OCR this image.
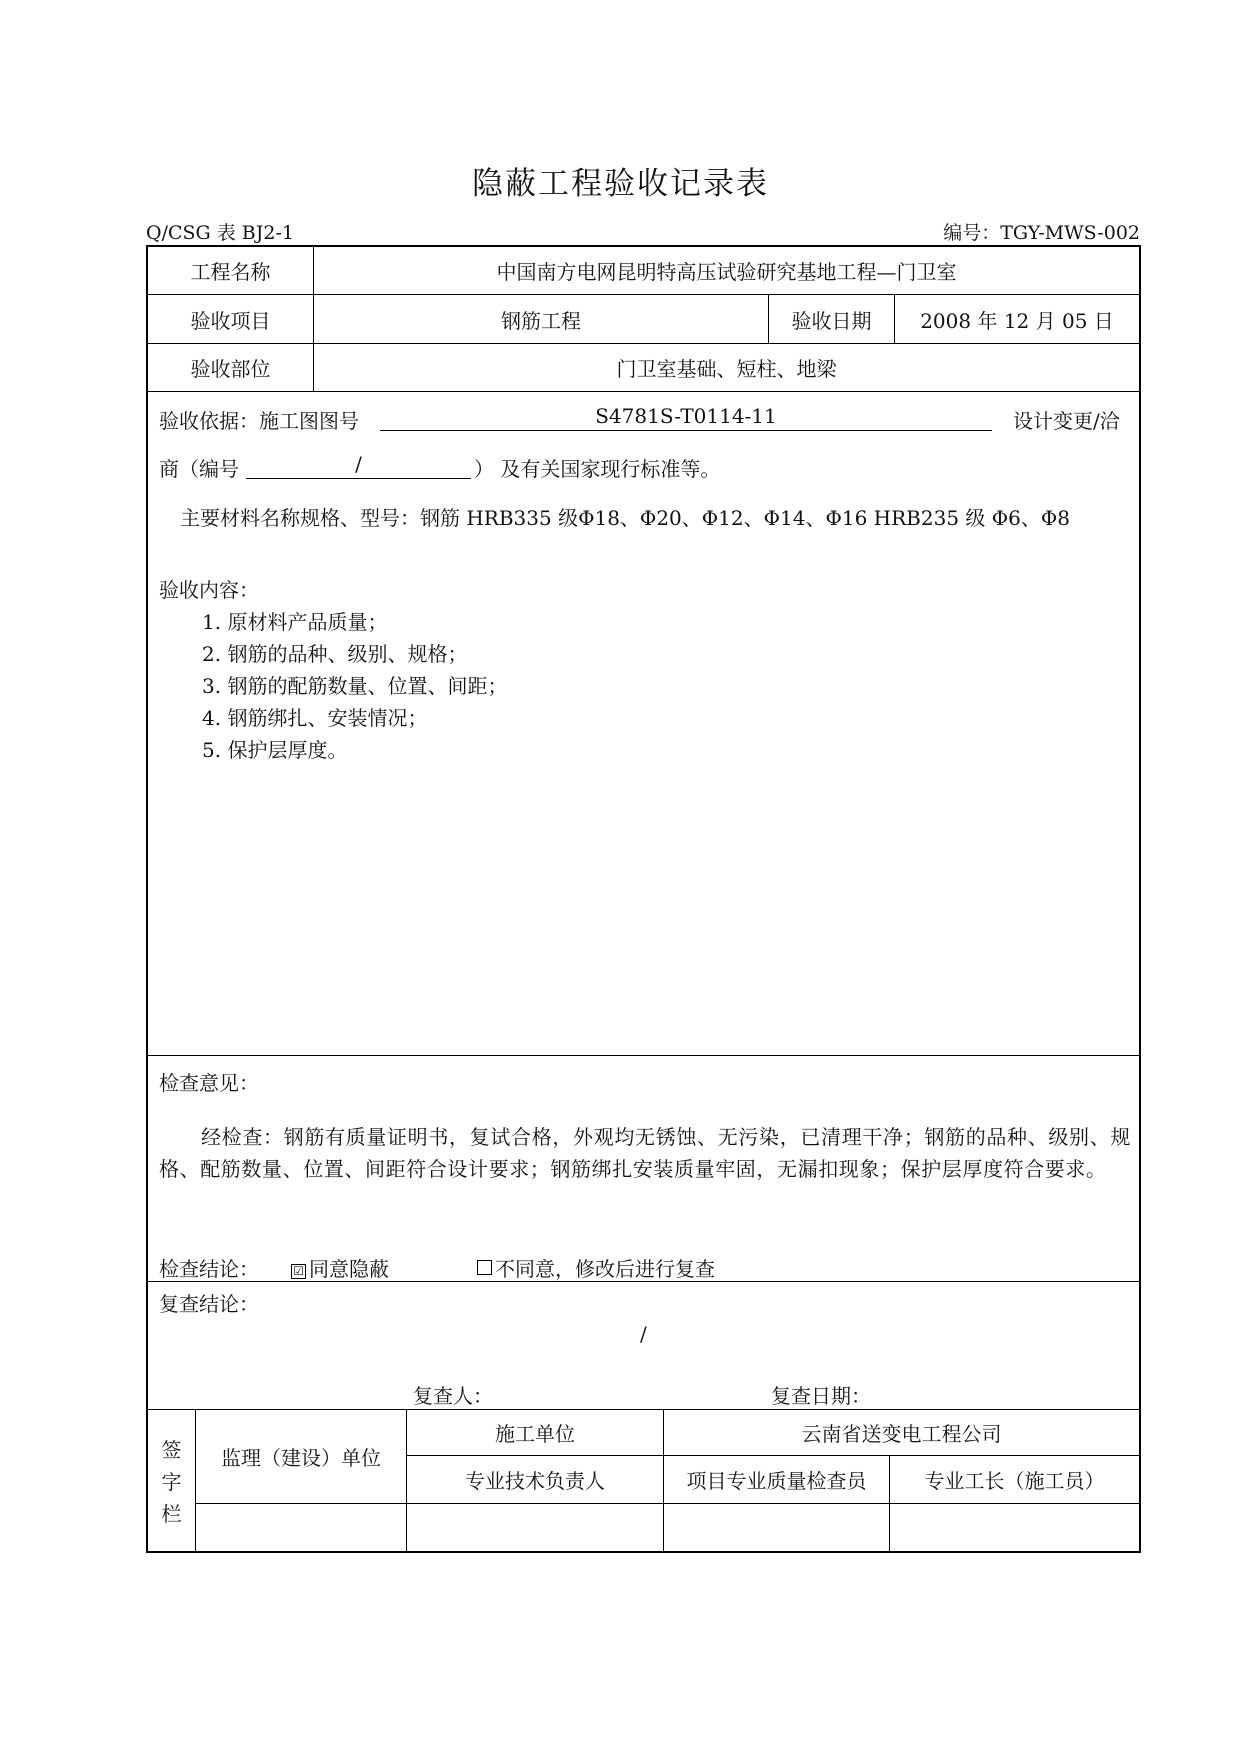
隐蔽工程验收记录表
Q/CSG 表 BJ2-1	编号：TGY-MWS-002
工程名称	中国南方电网昆明特高压试验研究基地工程—门卫室
验收项目	钢筋工程	验收日期	2008 年 12 月 05 日
验收部位	门卫室基础、短柱、地梁
验收依据：施工图图号	S4781S-T0114-11	设计变更/洽
商（编号	/	） 及有关国家现行标准等。
主要材料名称规格、型号：钢筋 HRB335 级Φ18、Φ20、Φ12、Φ14、Φ16 HRB235 级 Φ6、Φ8
验收内容：
1. 原材料产品质量；
2. 钢筋的品种、级别、规格；
3. 钢筋的配筋数量、位置、间距；
4. 钢筋绑扎、安装情况；
5. 保护层厚度。
检查意见：
经检查：钢筋有质量证明书，复试合格，外观均无锈蚀、无污染，已清理干净；钢筋的品种、级别、规格、配筋数量、位置、间距符合设计要求；钢筋绑扎安装质量牢固，无漏扣现象；保护层厚度符合要求。
检查结论：	☑ 同意隐蔽	不同意，修改后进行复查
复查结论：
/
复查人：	复查日期：
签
字
栏
监理（建设）单位
施工单位	云南省送变电工程公司
专业技术负责人	项目专业质量检查员	专业工长（施工员）
